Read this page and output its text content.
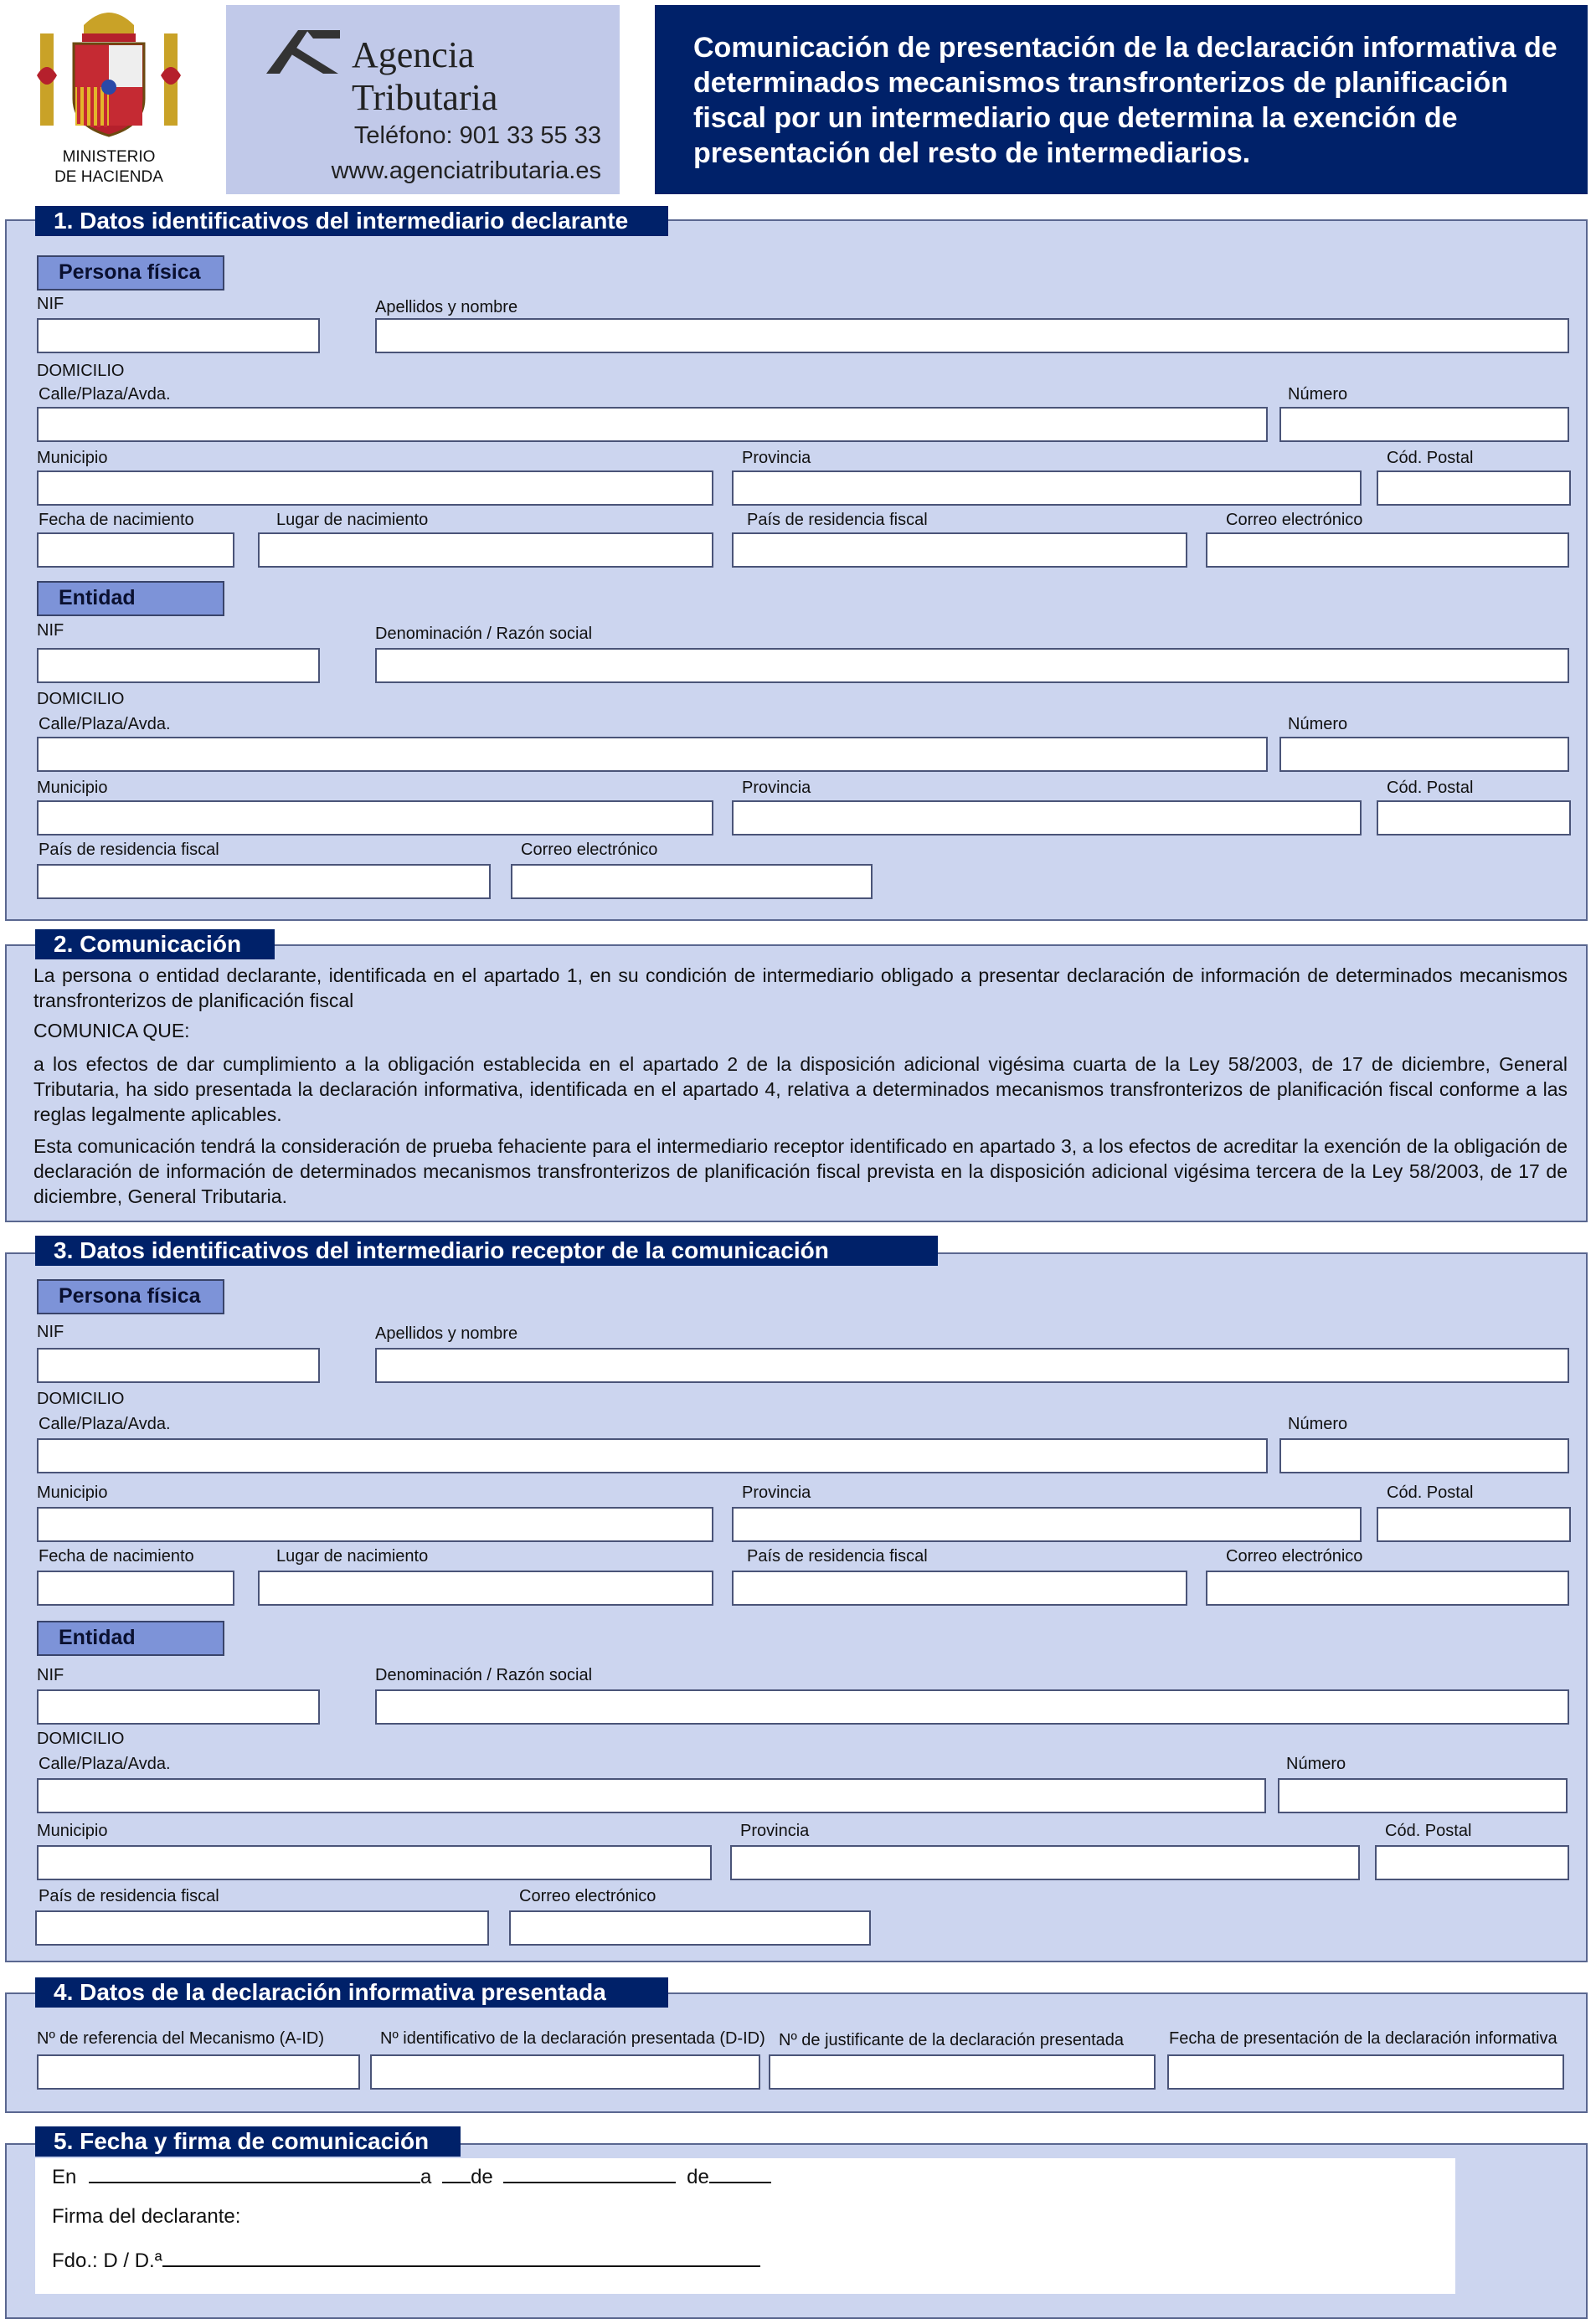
MINISTERIO
DE HACIENDA
Agencia Tributaria
Teléfono: 901 33 55 33
www.agenciatributaria.es
Comunicación de presentación de la declaración informativa de determinados mecanismos transfronterizos de planificación fiscal por un intermediario que determina la exención de presentación del resto de intermediarios.
1. Datos identificativos del intermediario declarante
Persona física
NIF	Apellidos y nombre
DOMICILIO
Calle/Plaza/Avda.	Número
Municipio	Provincia	Cód. Postal
Fecha de nacimiento	Lugar de nacimiento	País de residencia fiscal	Correo electrónico
Entidad
NIF	Denominación / Razón social
DOMICILIO
Calle/Plaza/Avda.	Número
Municipio	Provincia	Cód. Postal
País de residencia fiscal	Correo electrónico
2. Comunicación
La persona o entidad declarante, identificada en el apartado 1, en su condición de intermediario obligado a presentar declaración de información de determinados mecanismos transfronterizos de planificación fiscal
COMUNICA QUE:
a los efectos de dar cumplimiento a la obligación establecida en el apartado 2 de la disposición adicional vigésima cuarta de la Ley 58/2003, de 17 de diciembre, General Tributaria, ha sido presentada la declaración informativa, identificada en el apartado 4, relativa a determinados mecanismos transfronterizos de planificación fiscal conforme a las reglas legalmente aplicables.
Esta comunicación tendrá la consideración de prueba fehaciente para el intermediario receptor identificado en apartado 3, a los efectos de acreditar la exención de la obligación de declaración de información de determinados mecanismos transfronterizos de planificación fiscal prevista en la disposición adicional vigésima tercera de la Ley 58/2003, de 17 de diciembre, General Tributaria.
3. Datos identificativos del intermediario receptor de la comunicación
Persona física
NIF	Apellidos y nombre
DOMICILIO
Calle/Plaza/Avda.	Número
Municipio	Provincia	Cód. Postal
Fecha de nacimiento	Lugar de nacimiento	País de residencia fiscal	Correo electrónico
Entidad
NIF	Denominación / Razón social
DOMICILIO
Calle/Plaza/Avda.	Número
Municipio	Provincia	Cód. Postal
País de residencia fiscal	Correo electrónico
4. Datos de la declaración informativa presentada
Nº de referencia del Mecanismo (A-ID)	Nº identificativo de la declaración presentada (D-ID) Nº de justificante de la declaración presentada	Fecha de presentación de la declaración informativa
5. Fecha y firma de comunicación
En	a de	de
Firma del declarante:
Fdo.: D / D.ª
